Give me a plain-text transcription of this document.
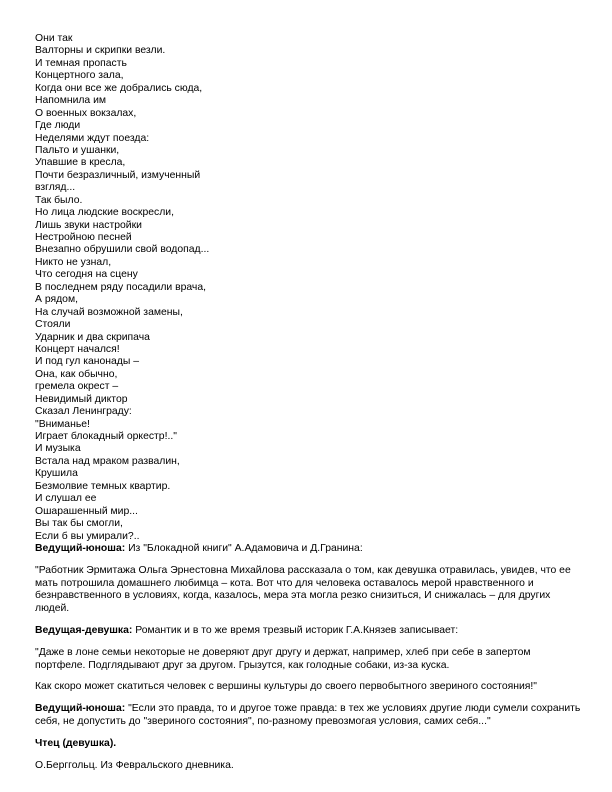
Они так
Валторны и скрипки везли.
И темная пропасть
Концертного зала,
Когда они все же добрались сюда,
Напомнила им
О военных вокзалах,
Где люди
Неделями ждут поезда:
Пальто и ушанки,
Упавшие в кресла,
Почти безразличный, измученный
взгляд...
Так было.
Но лица людские воскресли,
Лишь звуки настройки
Нестройною песней
Внезапно обрушили свой водопад...
Никто не узнал,
Что сегодня на сцену
В последнем ряду посадили врача,
А рядом,
На случай возможной замены,
Стояли
Ударник и два скрипача
Концерт начался!
И под гул канонады –
Она, как обычно,
гремела окрест –
Невидимый диктор
Сказал Ленинграду:
"Вниманье!
Играет блокадный оркестр!.."
И музыка
Встала над мраком развалин,
Крушила
Безмолвие темных квартир.
И слушал ее
Ошарашенный мир...
Вы так бы смогли,
Если б вы умирали?..

Ведущий-юноша: Из "Блокадной книги" А.Адамовича и Д.Гранина:

"Работник Эрмитажа Ольга Эрнестовна Михайлова рассказала о том, как девушка отравилась, увидев, что ее мать потрошила домашнего любимца – кота. Вот что для человека оставалось мерой нравственного и безнравственного в условиях, когда, казалось, мера эта могла резко снизиться, И снижалась – для других людей.

Ведущая-девушка: Романтик и в то же время трезвый историк Г.А.Князев записывает:

"Даже в лоне семьи некоторые не доверяют друг другу и держат, например, хлеб при себе в запертом портфеле. Подглядывают друг за другом. Грызутся, как голодные собаки, из-за куска.

Как скоро может скатиться человек с вершины культуры до своего первобытного звериного состояния!"

Ведущий-юноша: "Если это правда, то и другое тоже правда: в тех же условиях другие люди сумели сохранить себя, не допустить до "звериного состояния", по-разному превозмогая условия, самих себя..."

Чтец (девушка).

О.Берггольц. Из Февральского дневника.
